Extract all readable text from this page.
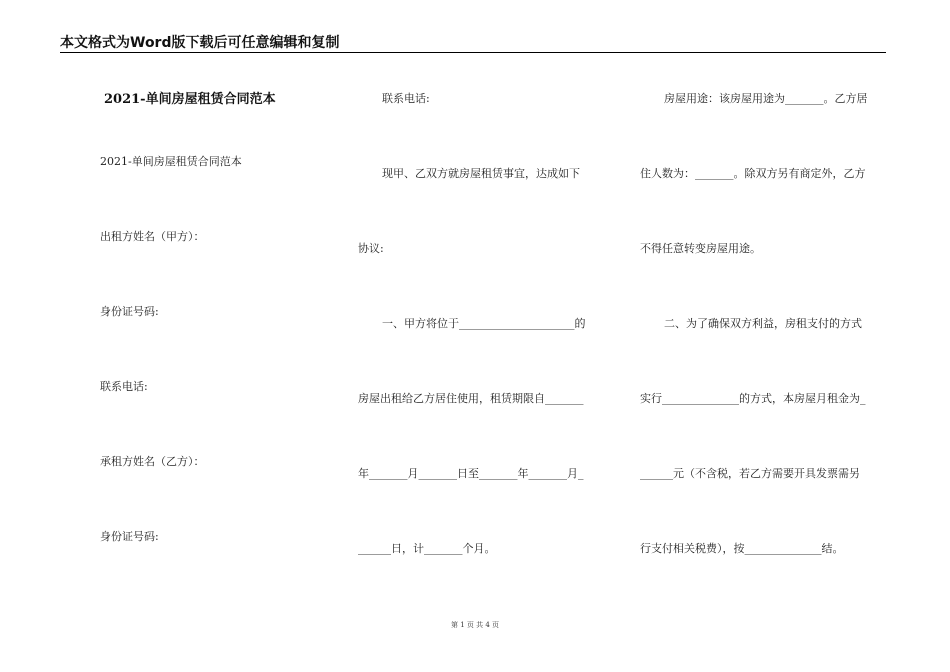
本文格式为Word版下载后可任意编辑和复制
2021-单间房屋租赁合同范本
2021-单间房屋租赁合同范本
出租方姓名（甲方）：
身份证号码:
联系电话:
承租方姓名（乙方）：
身份证号码:
联系电话:
现甲、乙双方就房屋租赁事宜，达成如下
协议:
一、甲方将位于_____________________的
房屋出租给乙方居住使用，租赁期限自_______
年_______月_______日至_______年_______月_
______日，计_______个月。
房屋用途：该房屋用途为_______。乙方居
住人数为：_______。除双方另有商定外，乙方
不得任意转变房屋用途。
二、为了确保双方利益，房租支付的方式
实行______________的方式，本房屋月租金为_
______元（不含税，若乙方需要开具发票需另
行支付相关税费），按______________结。
第 1 页 共 4 页
